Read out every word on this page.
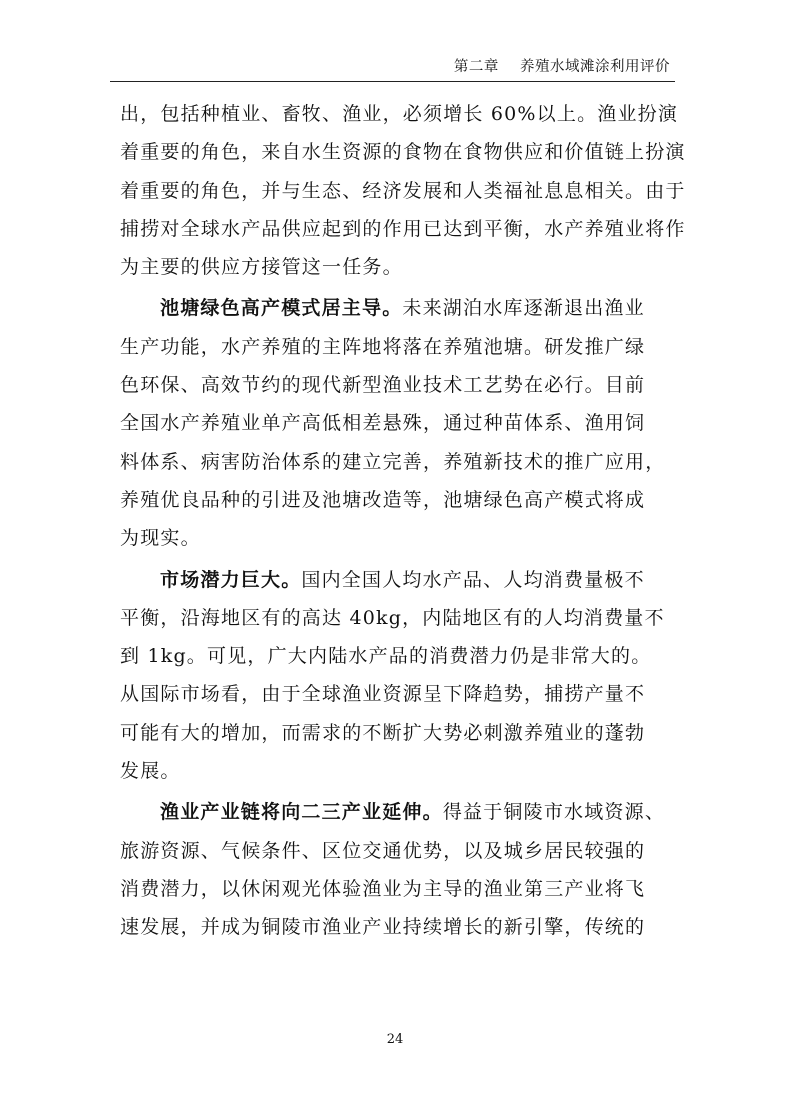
第二章 养殖水域滩涂利用评价
出，包括种植业、畜牧、渔业，必须增长 60%以上。渔业扮演
着重要的角色，来自水生资源的食物在食物供应和价值链上扮演
着重要的角色，并与生态、经济发展和人类福祉息息相关。由于
捕捞对全球水产品供应起到的作用已达到平衡，水产养殖业将作
为主要的供应方接管这一任务。
池塘绿色高产模式居主导。未来湖泊水库逐渐退出渔业
生产功能，水产养殖的主阵地将落在养殖池塘。研发推广绿
色环保、高效节约的现代新型渔业技术工艺势在必行。目前
全国水产养殖业单产高低相差悬殊，通过种苗体系、渔用饲
料体系、病害防治体系的建立完善，养殖新技术的推广应用，
养殖优良品种的引进及池塘改造等，池塘绿色高产模式将成
为现实。
市场潜力巨大。国内全国人均水产品、人均消费量极不
平衡，沿海地区有的高达 40kg，内陆地区有的人均消费量不
到 1kg。可见，广大内陆水产品的消费潜力仍是非常大的。
从国际市场看，由于全球渔业资源呈下降趋势，捕捞产量不
可能有大的增加，而需求的不断扩大势必刺激养殖业的蓬勃
发展。
渔业产业链将向二三产业延伸。得益于铜陵市水域资源、
旅游资源、气候条件、区位交通优势，以及城乡居民较强的
消费潜力，以休闲观光体验渔业为主导的渔业第三产业将飞
速发展，并成为铜陵市渔业产业持续增长的新引擎，传统的
24
